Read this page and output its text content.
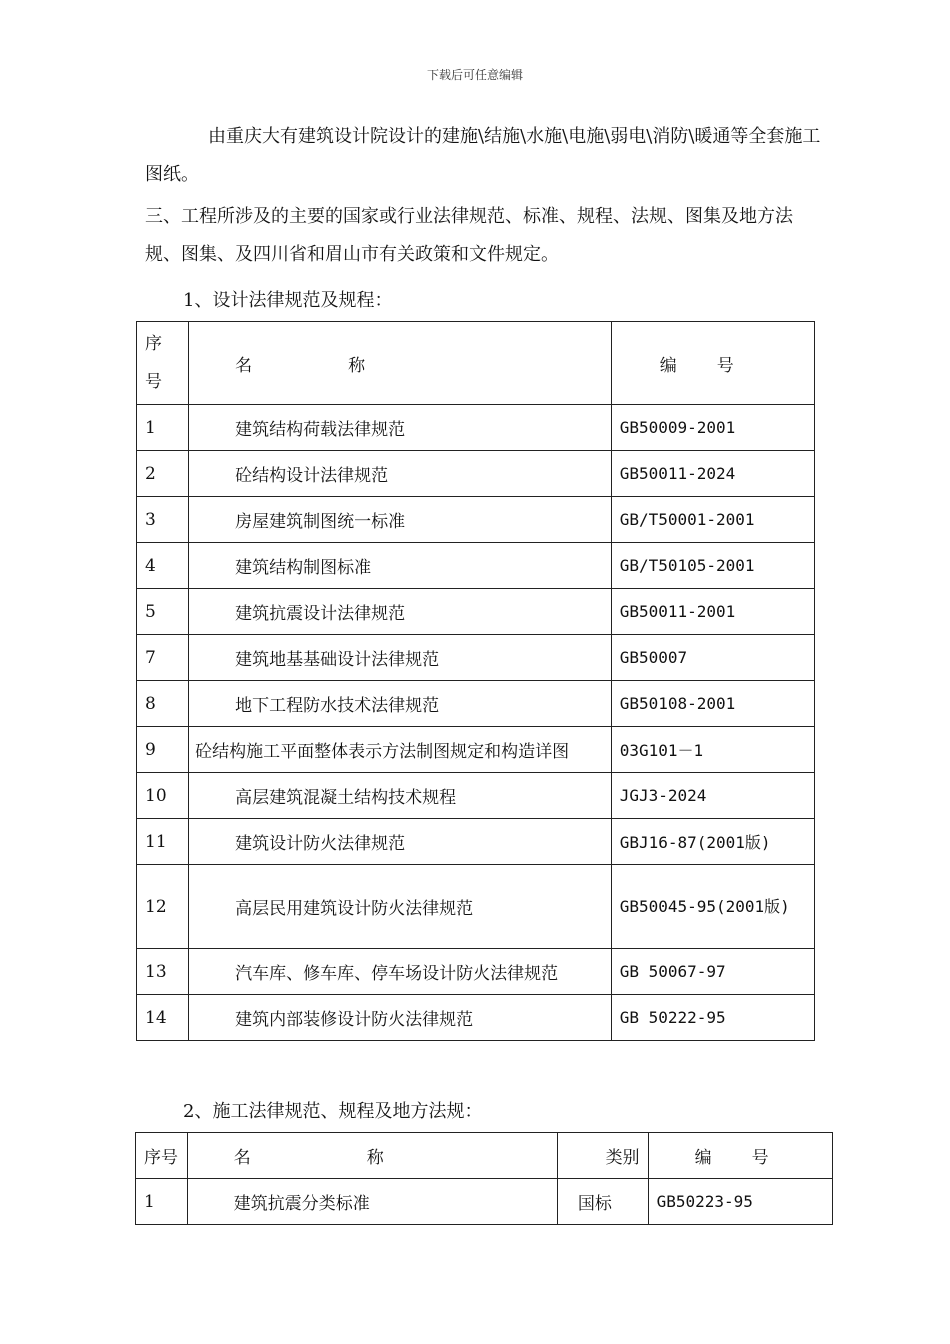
下载后可任意编辑
由重庆大有建筑设计院设计的建施\结施\水施\电施\弱电\消防\暖通等全套施工图纸。
三、工程所涉及的主要的国家或行业法律规范、标准、规程、法规、图集及地方法规、图集、及四川省和眉山市有关政策和文件规定。
1、设计法律规范及规程：
序
号	名 称	编 号
1	建筑结构荷载法律规范	GB50009-2001
2	砼结构设计法律规范	GB50011-2024
3	房屋建筑制图统一标准	GB/T50001-2001
4	建筑结构制图标准	GB/T50105-2001
5	建筑抗震设计法律规范	GB50011-2001
7	建筑地基基础设计法律规范	GB50007
8	地下工程防水技术法律规范	GB50108-2001
9	砼结构施工平面整体表示方法制图规定和构造详图	03G101－1
10	高层建筑混凝土结构技术规程	JGJ3-2024
11	建筑设计防火法律规范	GBJ16-87(2001版)
12	高层民用建筑设计防火法律规范	GB50045-95(2001版)
13	汽车库、修车库、停车场设计防火法律规范	GB 50067-97
14	建筑内部装修设计防火法律规范	GB 50222-95
2、施工法律规范、规程及地方法规：
序号	名 称	类别	编 号
1	建筑抗震分类标准	国标	GB50223-95
